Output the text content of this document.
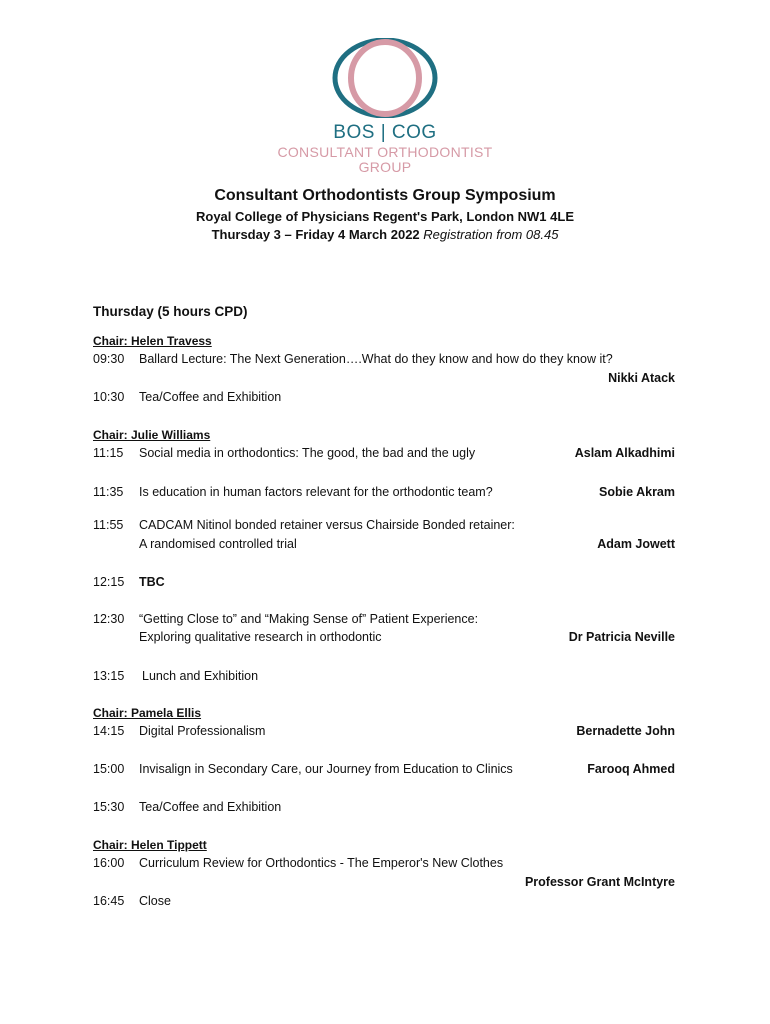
BOS | COG
CONSULTANT ORTHODONTIST
GROUP
Consultant Orthodontists Group Symposium
Royal College of Physicians Regent's Park, London NW1 4LE
Thursday 3 – Friday 4 March 2022 Registration from 08.45
Thursday (5 hours CPD)
Chair: Helen Travess
09:30 Ballard Lecture: The Next Generation….What do they know and how do they know it?
Nikki Atack
10:30 Tea/Coffee and Exhibition
Chair: Julie Williams
11:15 Social media in orthodontics: The good, the bad and the ugly	Aslam Alkadhimi
11:35 Is education in human factors relevant for the orthodontic team?	Sobie Akram
11:55 CADCAM Nitinol bonded retainer versus Chairside Bonded retainer:
A randomised controlled trial	Adam Jowett
12:15 TBC
12:30 “Getting Close to” and “Making Sense of” Patient Experience:
Exploring qualitative research in orthodontic	Dr Patricia Neville
13:15 Lunch and Exhibition
Chair: Pamela Ellis
14:15 Digital Professionalism	Bernadette John
15:00 Invisalign in Secondary Care, our Journey from Education to Clinics	Farooq Ahmed
15:30 Tea/Coffee and Exhibition
Chair: Helen Tippett
16:00 Curriculum Review for Orthodontics - The Emperor's New Clothes
Professor Grant McIntyre
16:45 Close
